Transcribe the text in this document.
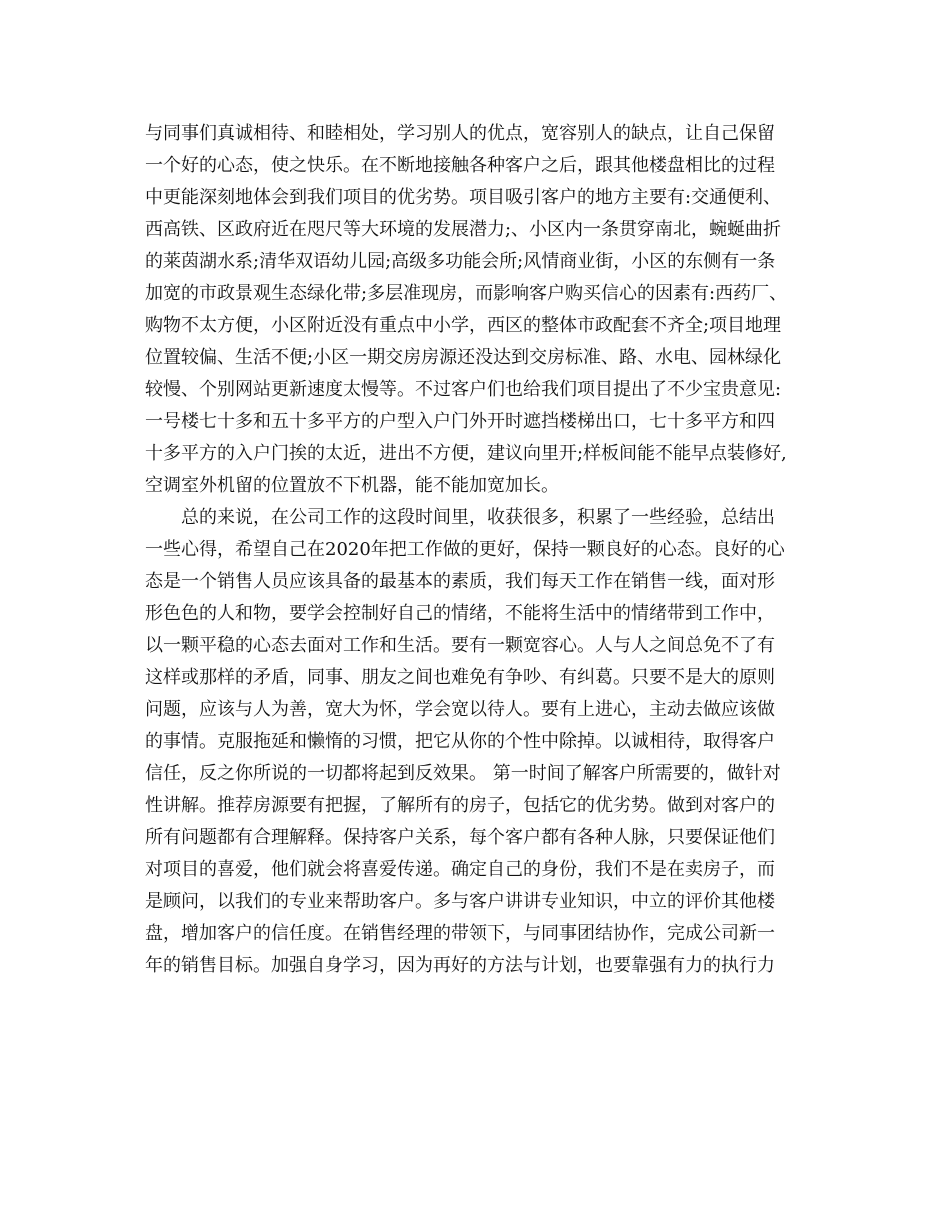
与同事们真诚相待、和睦相处，学习别人的优点，宽容别人的缺点，让自己保留
一个好的心态，使之快乐。在不断地接触各种客户之后，跟其他楼盘相比的过程
中更能深刻地体会到我们项目的优劣势。项目吸引客户的地方主要有:交通便利、
西高铁、区政府近在咫尺等大环境的发展潜力;、小区内一条贯穿南北，蜿蜒曲折
的莱茵湖水系;清华双语幼儿园;高级多功能会所;风情商业街，小区的东侧有一条
加宽的市政景观生态绿化带;多层准现房，而影响客户购买信心的因素有:西药厂、
购物不太方便，小区附近没有重点中小学，西区的整体市政配套不齐全;项目地理
位置较偏、生活不便;小区一期交房房源还没达到交房标准、路、水电、园林绿化
较慢、个别网站更新速度太慢等。不过客户们也给我们项目提出了不少宝贵意见:
一号楼七十多和五十多平方的户型入户门外开时遮挡楼梯出口，七十多平方和四
十多平方的入户门挨的太近，进出不方便，建议向里开;样板间能不能早点装修好,
空调室外机留的位置放不下机器，能不能加宽加长。
总的来说，在公司工作的这段时间里，收获很多，积累了一些经验，总结出
一些心得，希望自己在2020年把工作做的更好，保持一颗良好的心态。良好的心
态是一个销售人员应该具备的最基本的素质，我们每天工作在销售一线，面对形
形色色的人和物，要学会控制好自己的情绪，不能将生活中的情绪带到工作中，
以一颗平稳的心态去面对工作和生活。要有一颗宽容心。人与人之间总免不了有
这样或那样的矛盾，同事、朋友之间也难免有争吵、有纠葛。只要不是大的原则
问题，应该与人为善，宽大为怀，学会宽以待人。要有上进心，主动去做应该做
的事情。克服拖延和懒惰的习惯，把它从你的个性中除掉。以诚相待，取得客户
信任，反之你所说的一切都将起到反效果。 第一时间了解客户所需要的，做针对
性讲解。推荐房源要有把握，了解所有的房子，包括它的优劣势。做到对客户的
所有问题都有合理解释。保持客户关系，每个客户都有各种人脉，只要保证他们
对项目的喜爱，他们就会将喜爱传递。确定自己的身份，我们不是在卖房子，而
是顾问，以我们的专业来帮助客户。多与客户讲讲专业知识，中立的评价其他楼
盘，增加客户的信任度。在销售经理的带领下，与同事团结协作，完成公司新一
年的销售目标。加强自身学习，因为再好的方法与计划，也要靠强有力的执行力
